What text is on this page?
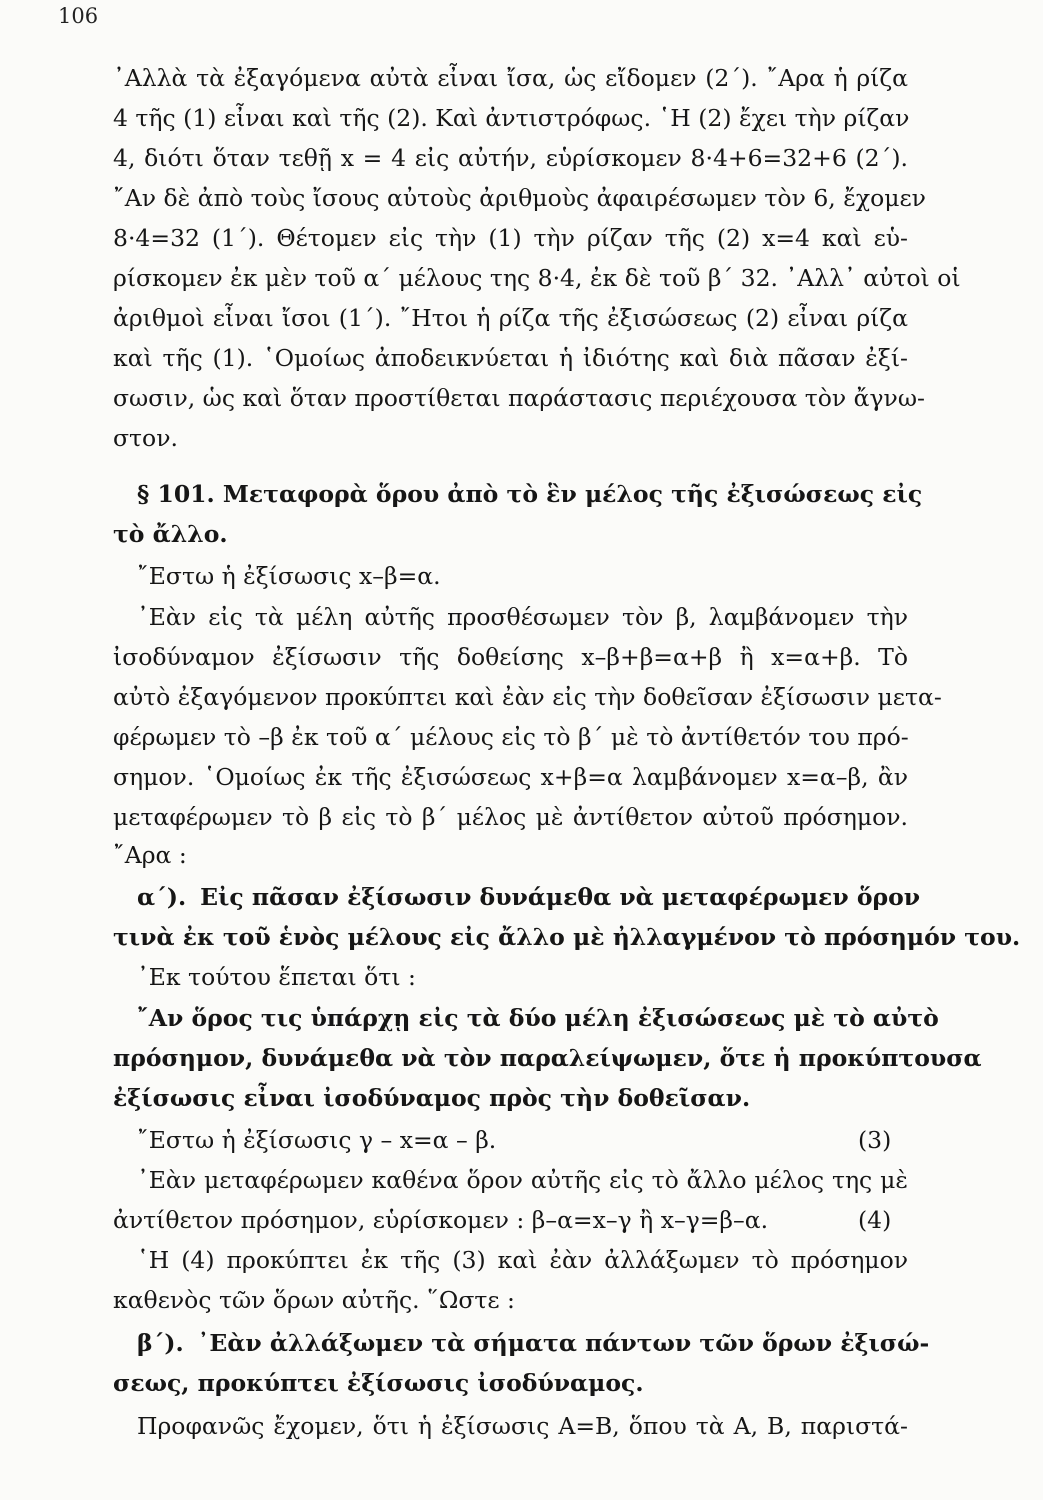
106
᾿Αλλὰ τὰ ἐξαγόμενα αὐτὰ εἶναι ἴσα, ὡς εἴδομεν (2΄). ῎Αρα ἡ ρίζα
4 τῆς (1) εἶναι καὶ τῆς (2). Καὶ ἀντιστρόφως. ῾Η (2) ἔχει τὴν ρίζαν
4, διότι ὅταν τεθῇ x = 4 εἰς αὐτήν, εὑρίσκομεν 8·4+6=32+6 (2΄).
῎Αν δὲ ἀπὸ τοὺς ἴσους αὐτοὺς ἀριθμοὺς ἀφαιρέσωμεν τὸν 6, ἔχομεν
8·4=32 (1΄). Θέτομεν εἰς τὴν (1) τὴν ρίζαν τῆς (2) x=4 καὶ εὑ-
ρίσκομεν ἐκ μὲν τοῦ α΄ μέλους της 8·4, ἐκ δὲ τοῦ β΄ 32. ᾿Αλλ᾿ αὐτοὶ οἱ
ἀριθμοὶ εἶναι ἴσοι (1΄). ῎Ητοι ἡ ρίζα τῆς ἐξισώσεως (2) εἶναι ρίζα
καὶ τῆς (1). ῾Ομοίως ἀποδεικνύεται ἡ ἰδιότης καὶ διὰ πᾶσαν ἐξί-
σωσιν, ὡς καὶ ὅταν προστίθεται παράστασις περιέχουσα τὸν ἄγνω-
στον.
§ 101. Μεταφορὰ ὅρου ἀπὸ τὸ ἓν μέλος τῆς ἐξισώσεως εἰς
τὸ ἄλλο.
῎Εστω ἡ ἐξίσωσις x–β=α.
᾿Εὰν εἰς τὰ μέλη αὐτῆς προσθέσωμεν τὸν β, λαμβάνομεν τὴν
ἰσοδύναμον ἐξίσωσιν τῆς δοθείσης x–β+β=α+β ἢ x=α+β. Τὸ
αὐτὸ ἐξαγόμενον προκύπτει καὶ ἐὰν εἰς τὴν δοθεῖσαν ἐξίσωσιν μετα-
φέρωμεν τὸ –β ἐκ τοῦ α΄ μέλους εἰς τὸ β΄ μὲ τὸ ἀντίθετόν του πρό-
σημον. ῾Ομοίως ἐκ τῆς ἐξισώσεως x+β=α λαμβάνομεν x=α–β, ἂν
μεταφέρωμεν τὸ β εἰς τὸ β΄ μέλος μὲ ἀντίθετον αὐτοῦ πρόσημον.
῎Αρα :
α΄). Εἰς πᾶσαν ἐξίσωσιν δυνάμεθα νὰ μεταφέρωμεν ὅρον
τινὰ ἐκ τοῦ ἑνὸς μέλους εἰς ἄλλο μὲ ἠλλαγμένον τὸ πρόσημόν του.
᾿Εκ τούτου ἕπεται ὅτι :
῎Αν ὅρος τις ὑπάρχῃ εἰς τὰ δύο μέλη ἐξισώσεως μὲ τὸ αὐτὸ
πρόσημον, δυνάμεθα νὰ τὸν παραλείψωμεν, ὅτε ἡ προκύπτουσα
ἐξίσωσις εἶναι ἰσοδύναμος πρὸς τὴν δοθεῖσαν.
῎Εστω ἡ ἐξίσωσις γ – x=α – β.	(3)
᾿Εὰν μεταφέρωμεν καθένα ὅρον αὐτῆς εἰς τὸ ἄλλο μέλος της μὲ
ἀντίθετον πρόσημον, εὑρίσκομεν : β–α=x–γ ἢ x–γ=β–α.	(4)
῾Η (4) προκύπτει ἐκ τῆς (3) καὶ ἐὰν ἀλλάξωμεν τὸ πρόσημον
καθενὸς τῶν ὅρων αὐτῆς. ῞Ωστε :
β΄). ᾿Εὰν ἀλλάξωμεν τὰ σήματα πάντων τῶν ὅρων ἐξισώ-
σεως, προκύπτει ἐξίσωσις ἰσοδύναμος.
Προφανῶς ἔχομεν, ὅτι ἡ ἐξίσωσις Α=Β, ὅπου τὰ Α, Β, παριστά-
